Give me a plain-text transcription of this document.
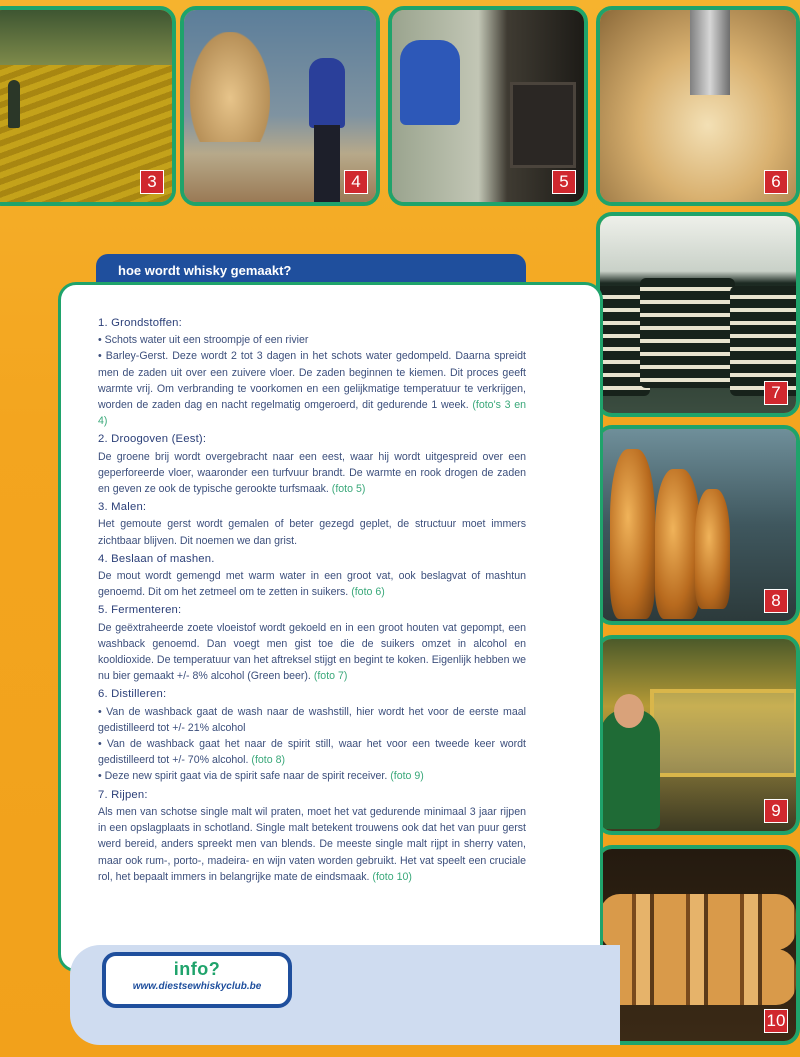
3	4	5	6
7
8
9
10
hoe wordt whisky gemaakt?
1. Grondstoffen:

• Schots water uit een stroompje of een rivier

• Barley-Gerst. Deze wordt 2 tot 3 dagen in het schots water gedompeld. Daarna spreidt men de zaden uit over een zuivere vloer. De zaden beginnen te kiemen. Dit proces geeft warmte vrij. Om verbranding te voorkomen en een gelijkmatige temperatuur te verkrijgen, worden de zaden dag en nacht regelmatig omgeroerd, dit gedurende 1 week. (foto's 3 en 4)

2. Droogoven (Eest):

De groene brij wordt overgebracht naar een eest, waar hij wordt uitgespreid over een geperforeerde vloer, waaronder een turfvuur brandt. De warmte en rook drogen de zaden en geven ze ook de typische gerookte turfsmaak. (foto 5)

3. Malen:

Het gemoute gerst wordt gemalen of beter gezegd geplet, de structuur moet immers zichtbaar blijven. Dit noemen we dan grist.

4. Beslaan of mashen.

De mout wordt gemengd met warm water in een groot vat, ook beslagvat of mashtun genoemd. Dit om het zetmeel om te zetten in suikers. (foto 6)

5. Fermenteren:

De geëxtraheerde zoete vloeistof wordt gekoeld en in een groot houten vat gepompt, een washback genoemd. Dan voegt men gist toe die de suikers omzet in alcohol en kooldioxide. De temperatuur van het aftreksel stijgt en begint te koken. Eigenlijk hebben we nu bier gemaakt +/- 8% alcohol (Green beer). (foto 7)

6. Distilleren:

• Van de washback gaat de wash naar de washstill, hier wordt het voor de eerste maal gedistilleerd tot +/- 21% alcohol

• Van de washback gaat het naar de spirit still, waar het voor een tweede keer wordt gedistilleerd tot +/- 70% alcohol. (foto 8)

• Deze new spirit gaat via de spirit safe naar de spirit receiver. (foto 9)

7. Rijpen:

Als men van schotse single malt wil praten, moet het vat gedurende minimaal 3 jaar rijpen in een opslagplaats in schotland. Single malt betekent trouwens ook dat het van puur gerst werd bereid, anders spreekt men van blends. De meeste single malt rijpt in sherry vaten, maar ook rum-, porto-, madeira- en wijn vaten worden gebruikt. Het vat speelt een cruciale rol, het bepaalt immers in belangrijke mate de eindsmaak. (foto 10)

info?
www.diestsewhiskyclub.be
